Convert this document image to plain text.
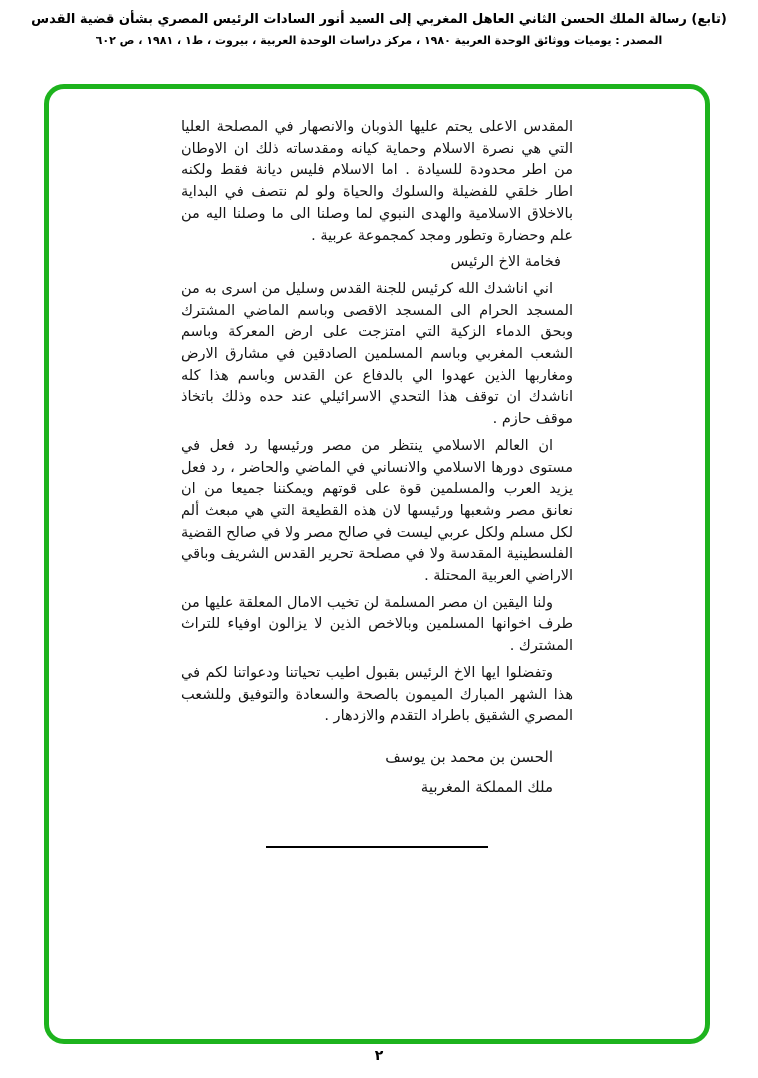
(تابع) رسالة الملك الحسن الثاني العاهل المغربي إلى السيد أنور السادات الرئيس المصري بشأن قضية القدس
المصدر : يوميات ووثائق الوحدة العربية ١٩٨٠ ، مركز دراسات الوحدة العربية ، بيروت ، ط١ ، ١٩٨١ ، ص ٦٠٢

المقدس الاعلى يحتم عليها الذوبان والانصهار في المصلحة العليا التي هي نصرة الاسلام وحماية كيانه ومقدساته ذلك ان الاوطان من اطر محدودة للسيادة . اما الاسلام فليس ديانة فقط ولكنه اطار خلقي للفضيلة والسلوك والحياة ولو لم نتصف في البداية بالاخلاق الاسلامية والهدى النبوي لما وصلنا الى ما وصلنا اليه من علم وحضارة وتطور ومجد كمجموعة عربية .

فخامة الاخ الرئيس

اني اناشدك الله كرئيس للجنة القدس وسليل من اسرى به من المسجد الحرام الى المسجد الاقصى وباسم الماضي المشترك وبحق الدماء الزكية التي امتزجت على ارض المعركة وباسم الشعب المغربي وباسم المسلمين الصادقين في مشارق الارض ومغاربها الذين عهدوا الي بالدفاع عن القدس وباسم هذا كله اناشدك ان توقف هذا التحدي الاسرائيلي عند حده وذلك باتخاذ موقف حازم .

ان العالم الاسلامي ينتظر من مصر ورئيسها رد فعل في مستوى دورها الاسلامي والانساني في الماضي والحاضر ، رد فعل يزيد العرب والمسلمين قوة على قوتهم ويمكننا جميعا من ان نعانق مصر وشعبها ورئيسها لان هذه القطيعة التي هي مبعث ألم لكل مسلم ولكل عربي ليست في صالح مصر ولا في صالح القضية الفلسطينية المقدسة ولا في مصلحة تحرير القدس الشريف وباقي الاراضي العربية المحتلة .

ولنا اليقين ان مصر المسلمة لن تخيب الامال المعلقة عليها من طرف اخوانها المسلمين وبالاخص الذين لا يزالون اوفياء للتراث المشترك .

وتفضلوا ايها الاخ الرئيس بقبول اطيب تحياتنا ودعواتنا لكم في هذا الشهر المبارك الميمون بالصحة والسعادة والتوفيق وللشعب المصري الشقيق باطراد التقدم والازدهار .

الحسن بن محمد بن يوسف
ملك المملكة المغربية
٢
